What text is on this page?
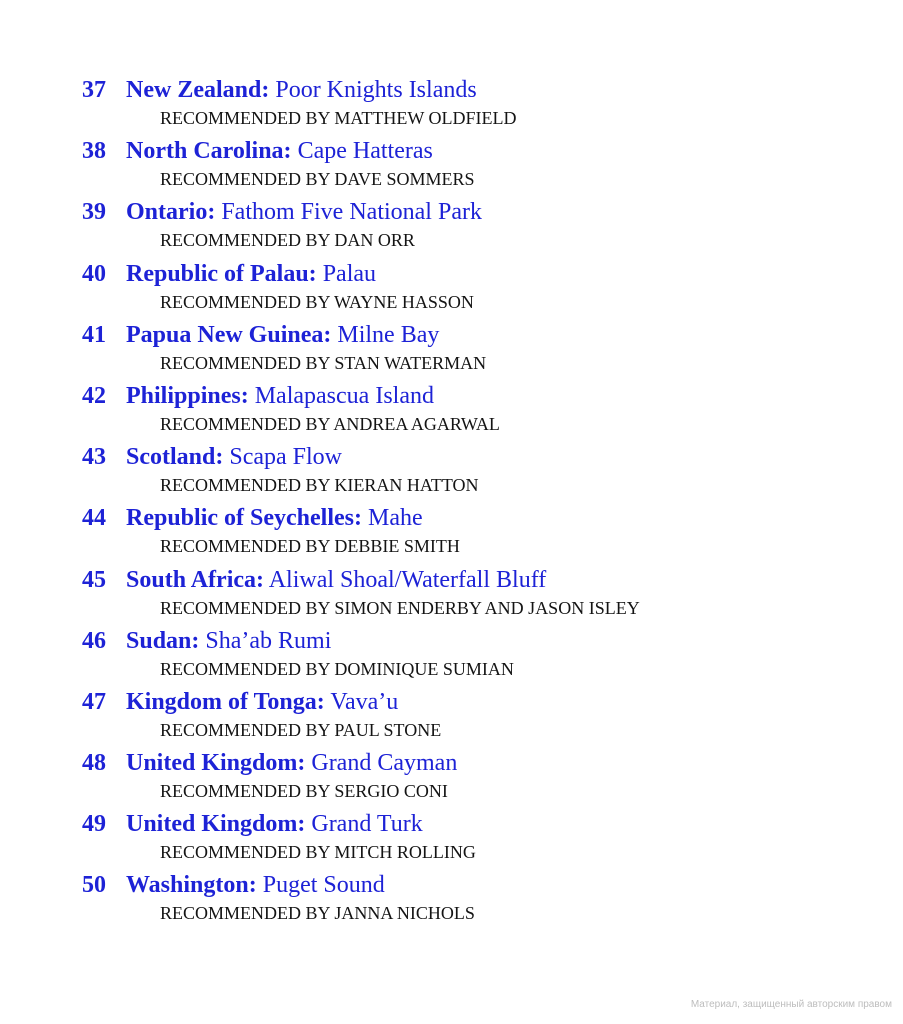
37 New Zealand: Poor Knights Islands
RECOMMENDED BY MATTHEW OLDFIELD
38 North Carolina: Cape Hatteras
RECOMMENDED BY DAVE SOMMERS
39 Ontario: Fathom Five National Park
RECOMMENDED BY DAN ORR
40 Republic of Palau: Palau
RECOMMENDED BY WAYNE HASSON
41 Papua New Guinea: Milne Bay
RECOMMENDED BY STAN WATERMAN
42 Philippines: Malapascua Island
RECOMMENDED BY ANDREA AGARWAL
43 Scotland: Scapa Flow
RECOMMENDED BY KIERAN HATTON
44 Republic of Seychelles: Mahe
RECOMMENDED BY DEBBIE SMITH
45 South Africa: Aliwal Shoal/Waterfall Bluff
RECOMMENDED BY SIMON ENDERBY AND JASON ISLEY
46 Sudan: Sha’ab Rumi
RECOMMENDED BY DOMINIQUE SUMIAN
47 Kingdom of Tonga: Vava’u
RECOMMENDED BY PAUL STONE
48 United Kingdom: Grand Cayman
RECOMMENDED BY SERGIO CONI
49 United Kingdom: Grand Turk
RECOMMENDED BY MITCH ROLLING
50 Washington: Puget Sound
RECOMMENDED BY JANNA NICHOLS
Материал, защищенный авторским правом
